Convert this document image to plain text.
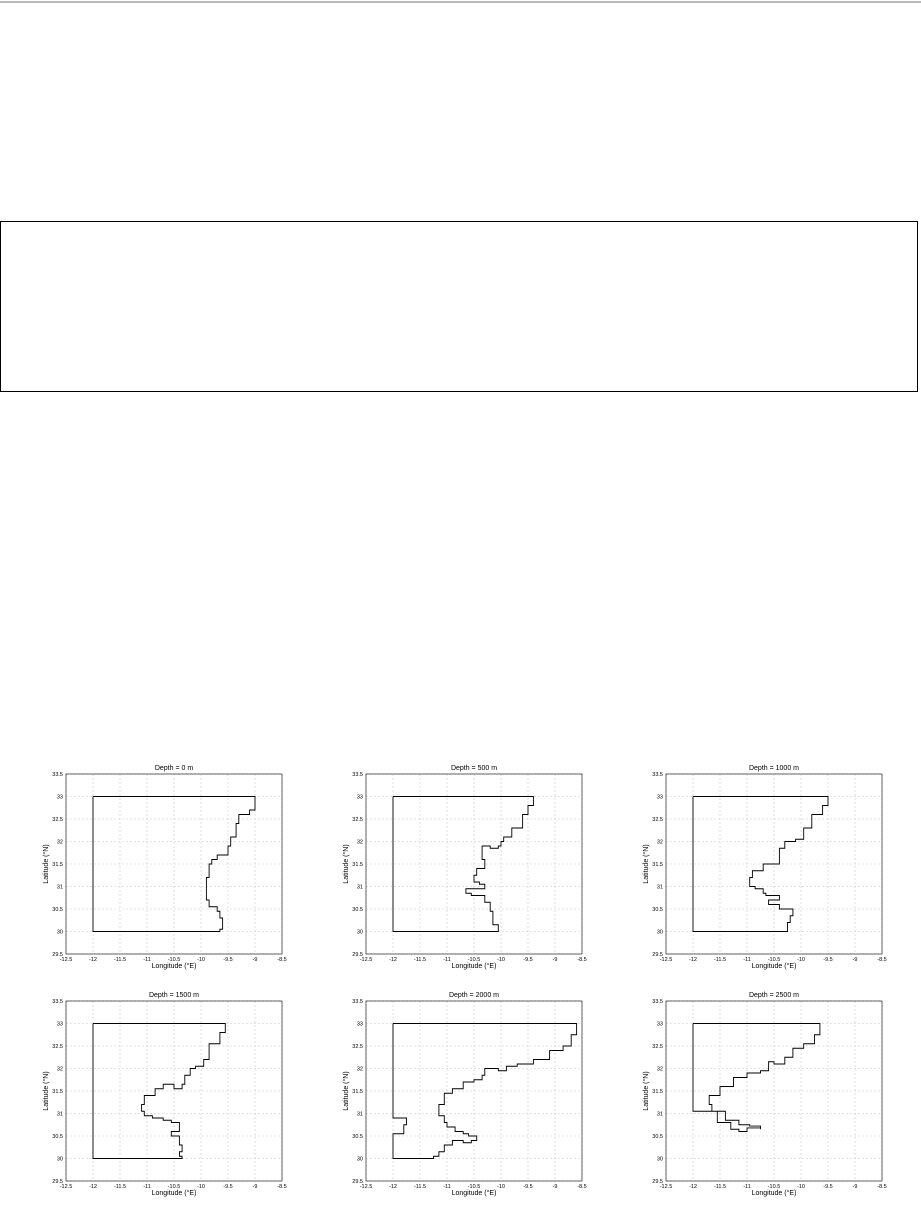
-12.5	-12	-11.5	-11	-10.5	-10	-9.5	-9	-8.5
29.5
30
30.5
31
31.5
32
32.5
33
33.5
Depth = 0 m
Longitude (°E)
Latitude (°N)
-12.5	-12	-11.5	-11	-10.5	-10	-9.5	-9	-8.5
29.5
30
30.5
31
31.5
32
32.5
33
33.5
Depth = 500 m
Longitude (°E)
Latitude (°N)
-12.5	-12	-11.5	-11	-10.5	-10	-9.5	-9	-8.5
29.5
30
30.5
31
31.5
32
32.5
33
33.5
Depth = 1000 m
Longitude (°E)
Latitude (°N)
-12.5	-12	-11.5	-11	-10.5	-10	-9.5	-9	-8.5
29.5
30
30.5
31
31.5
32
32.5
33
33.5
Depth = 1500 m
Longitude (°E)
Latitude (°N)
-12.5	-12	-11.5	-11	-10.5	-10	-9.5	-9	-8.5
29.5
30
30.5
31
31.5
32
32.5
33
33.5
Depth = 2000 m
Longitude (°E)
Latitude (°N)
-12.5	-12	-11.5	-11	-10.5	-10	-9.5	-9	-8.5
29.5
30
30.5
31
31.5
32
32.5
33
33.5
Depth = 2500 m
Longitude (°E)
Latitude (°N)
